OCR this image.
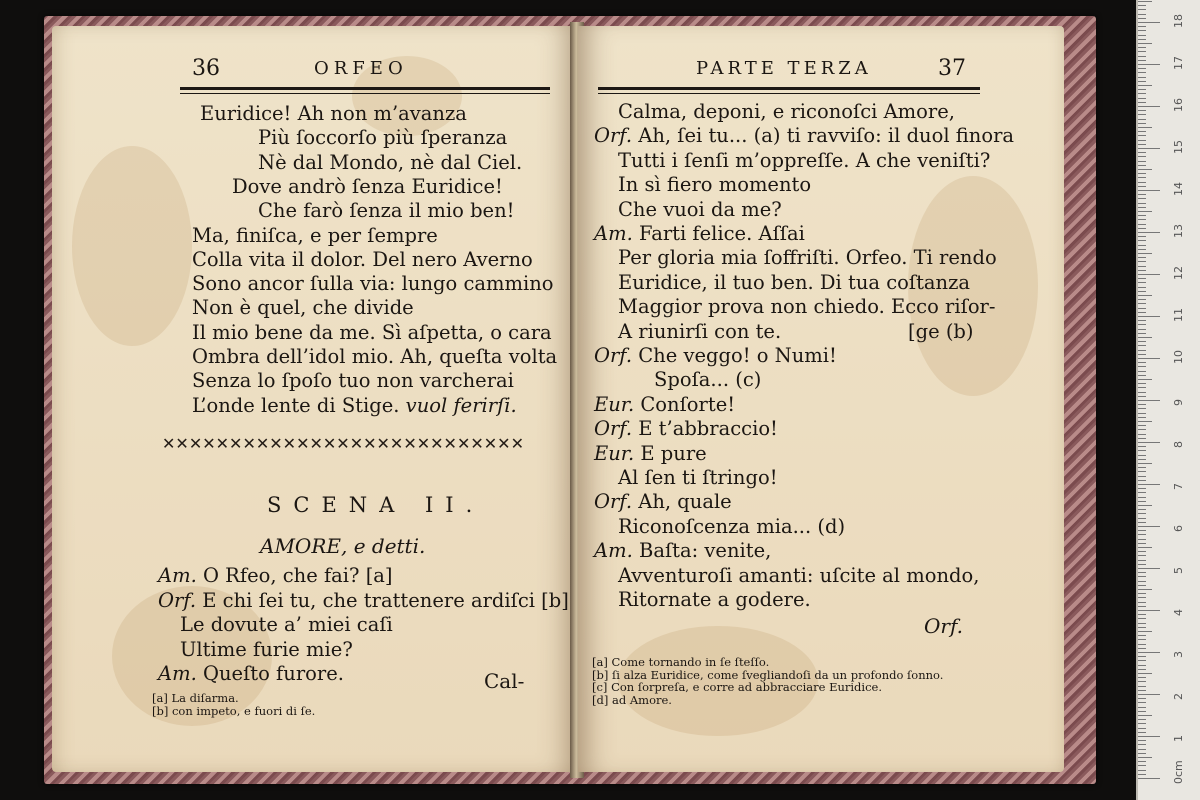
36	ORFEO
Euridice! Ah non m’avanza
Più ſoccorſo più ſperanza
Nè dal Mondo, nè dal Ciel.
Dove andrò ſenza Euridice!
Che farò ſenza il mio ben!
Ma, finiſca, e per ſempre
Colla vita il dolor. Del nero Averno
Sono ancor ſulla via: lungo cammino
Non è quel, che divide
Il mio bene da me. Sì aſpetta, o cara
Ombra dell’idol mio. Ah, queſta volta
Senza lo ſpoſo tuo non varcherai
L’onde lente di Stige. vuol ferirſi.
✕✕✕✕✕✕✕✕✕✕✕✕✕✕✕✕✕✕✕✕✕✕✕✕✕✕✕
SCENA II.
AMORE, e detti.
Am. O Rfeo, che fai? [a]
Orf. E chi ſei tu, che trattenere ardiſci [b]
Le dovute a’ miei caſi
Ultime furie mie?
Am. Queſto furore.	Cal-
[a] La diſarma.
[b] con impeto, e fuori di ſe.
PARTE TERZA	37
Calma, deponi, e riconoſci Amore,
Orf. Ah, ſei tu... (a) ti ravviſo: il duol finora
Tutti i ſenſi m’oppreſſe. A che veniſti?
In sì fiero momento
Che vuoi da me?
Am. Farti felice. Aſſai
Per gloria mia ſoffriſti. Orfeo. Ti rendo
Euridice, il tuo ben. Di tua coſtanza
Maggior prova non chiedo. Ecco riſor-
A riunirſi con te.	[ge (b)
Orf. Che veggo! o Numi!
Spoſa... (c)
Eur. Conſorte!
Orf. E t’abbraccio!
Eur. E pure
Al ſen ti ſtringo!
Orf. Ah, quale
Riconoſcenza mia... (d)
Am. Baſta: venite,
Avventuroſi amanti: uſcite al mondo,
Ritornate a godere.
Orf.
[a] Come tornando in ſe ſteſſo.
[b] ſi alza Euridice, come ſvegliandoſi da un profondo ſonno.
[c] Con ſorpreſa, e corre ad abbracciare Euridice.
[d] ad Amore.
0cm
1
2
3
4
5
6
7
8
9
10
11
12
13
14
15
16
17
18
